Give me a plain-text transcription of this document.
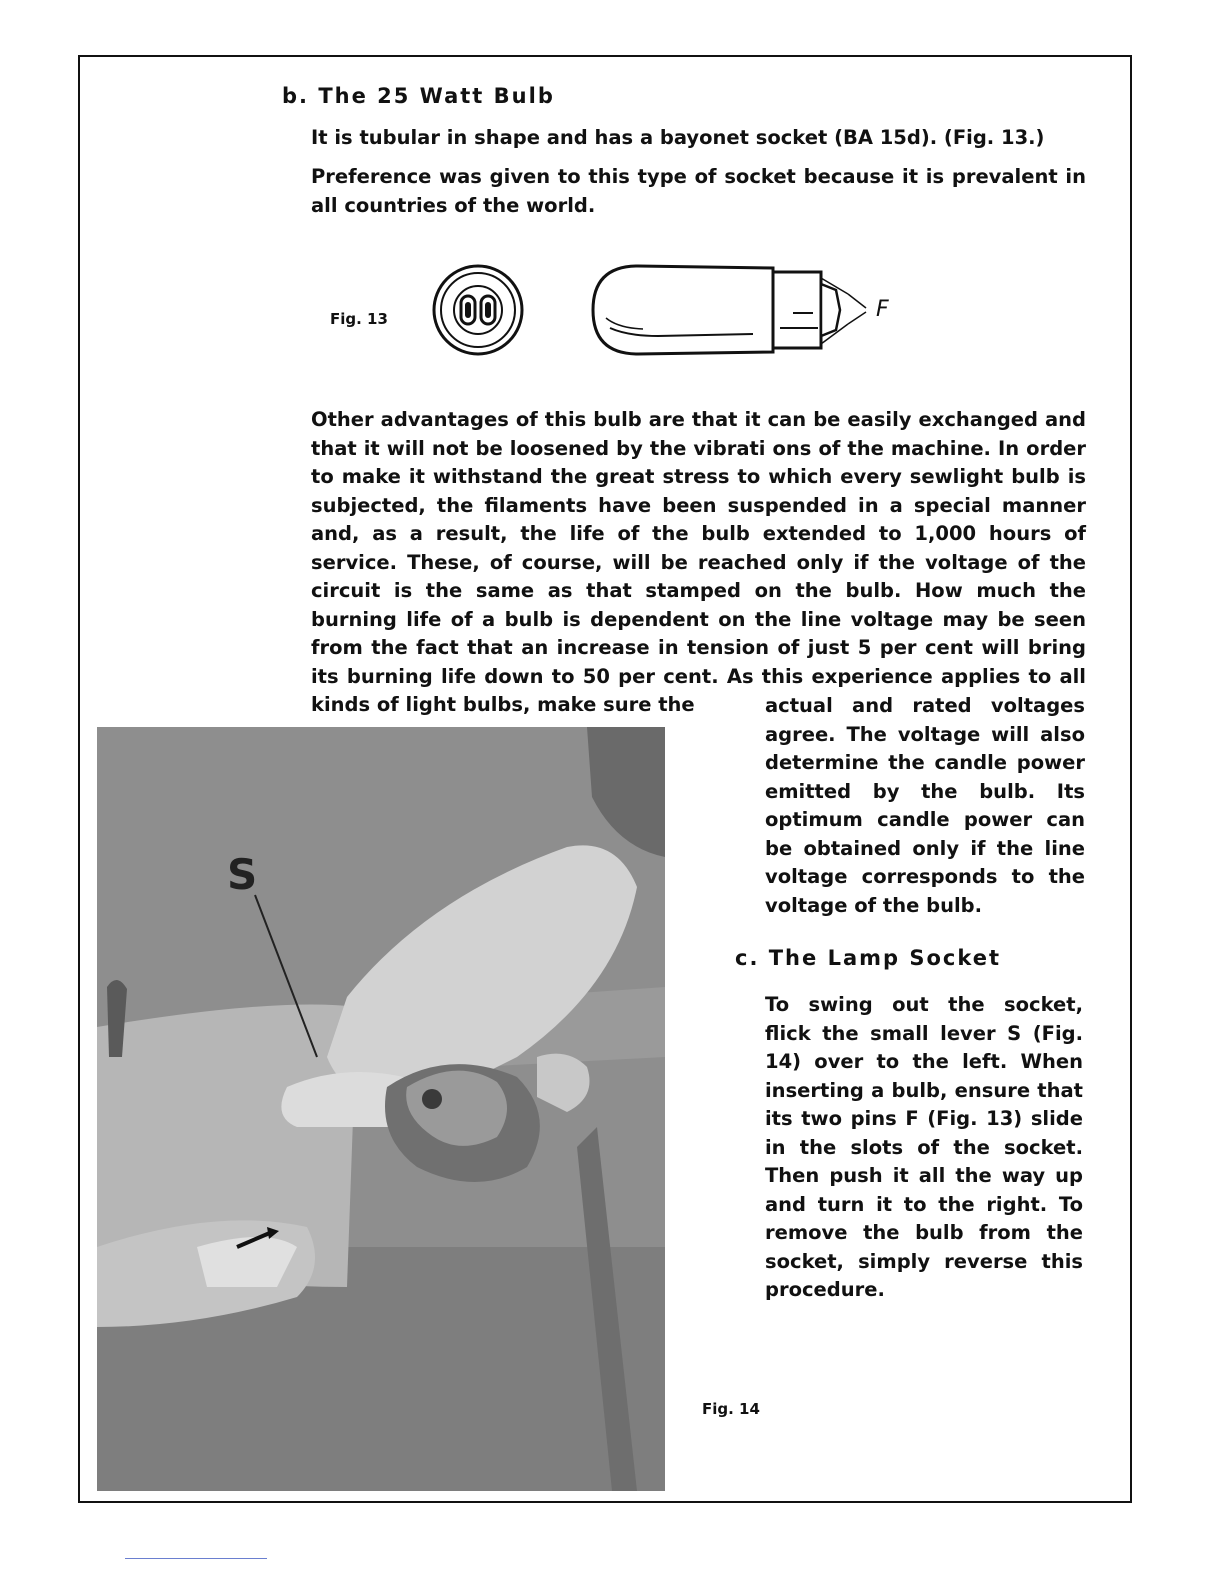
b. The 25 Watt Bulb

It is tubular in shape and has a bayonet socket (BA 15d). (Fig. 13.)

Preference was given to this type of socket because it is prevalent in all countries of the world.

Fig. 13	F

Other advantages of this bulb are that it can be easily exchanged and that it will not be loosened by the vibrati ons of the machine. In order to make it withstand the great stress to which every sewlight bulb is subjected, the filaments have been suspended in a special manner and, as a result, the life of the bulb extended to 1,000 hours of service. These, of course, will be reached only if the voltage of the circuit is the same as that stamped on the bulb. How much the burning life of a bulb is dependent on the line voltage may be seen from the fact that an increase in tension of just 5 per cent will bring its burning life down to 50 per cent. As this experience applies to all kinds of light bulbs, make sure the	actual and rated voltages agree. The voltage will also determine the candle power emitted by the bulb. Its optimum candle power can be obtained only if the line voltage corresponds to the voltage of the bulb.

c. The Lamp Socket

To swing out the socket, flick the small lever S (Fig. 14) over to the left. When inserting a bulb, ensure that its two pins F (Fig. 13) slide in the slots of the socket. Then push it all the way up and turn it to the right. To remove the bulb from the socket, simply reverse this procedure.

S
Fig. 14
